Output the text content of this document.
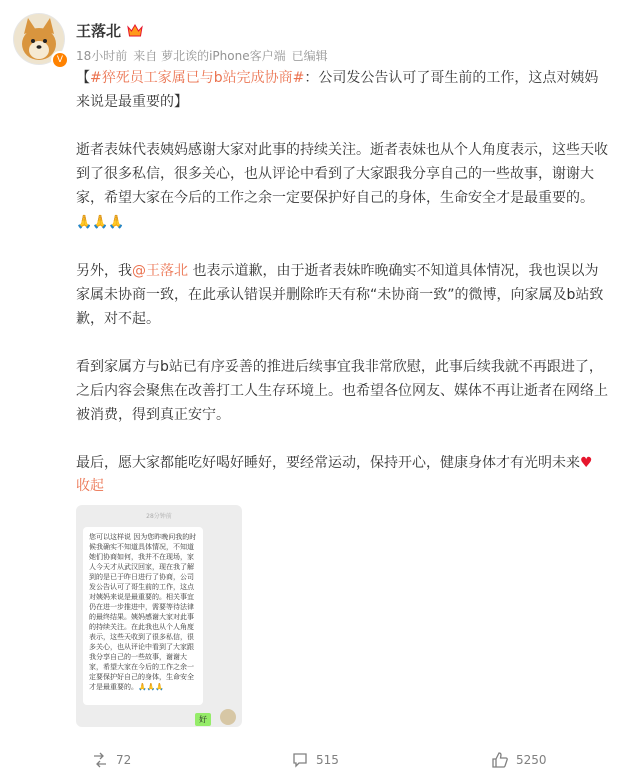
V
王落北
18小时前 来自 萝北诶的iPhone客户端 已编辑

【#猝死员工家属已与b站完成协商#：公司发公告认可了哥生前的工作，这点对姨妈来说是最重要的】

逝者表妹代表姨妈感谢大家对此事的持续关注。逝者表妹也从个人角度表示，这些天收到了很多私信，很多关心，也从评论中看到了大家跟我分享自己的一些故事，谢谢大家，希望大家在今后的工作之余一定要保护好自己的身体，生命安全才是最重要的。 🙏🙏🙏

另外，我@王落北 也表示道歉，由于逝者表妹昨晚确实不知道具体情况，我也误以为家属未协商一致，在此承认错误并删除昨天有称“未协商一致”的微博，向家属及b站致歉，对不起。

看到家属方与b站已有序妥善的推进后续事宜我非常欣慰，此事后续我就不再跟进了，之后内容会聚焦在改善打工人生存环境上。也希望各位网友、媒体不再让逝者在网络上被消费，得到真正安宁。

最后，愿大家都能吃好喝好睡好，要经常运动，保持开心，健康身体才有光明未来♥
收起

28分钟前
您可以这样说 因为您昨晚问我的时候我确实不知道具体情况，不知道她们协商如何，我并不在现场，家人今天才从武汉回家，现在我了解到的是已于昨日进行了协商，公司发公告认可了哥生前的工作，这点对姨妈来说是最重要的。相关事宜仍在进一步推进中，需要等待法律的最终结果。姨妈感谢大家对此事的持续关注。在此我也从个人角度表示，这些天收到了很多私信，很多关心，也从评论中看到了大家跟我分享自己的一些故事，谢谢大家，希望大家在今后的工作之余一定要保护好自己的身体，生命安全才是最重要的。🙏🙏🙏
好
72	515	5250
